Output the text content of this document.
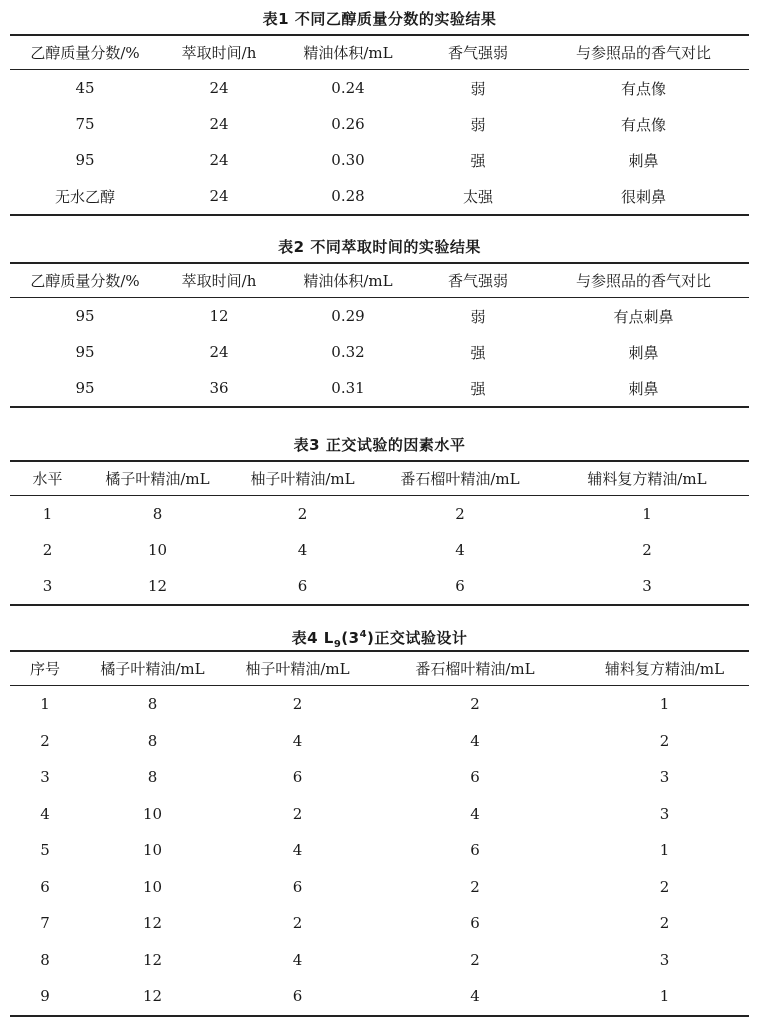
表1 不同乙醇质量分数的实验结果
乙醇质量分数/%	萃取时间/h	精油体积/mL	香气强弱	与参照品的香气对比
45	24	0.24	弱	有点像
75	24	0.26	弱	有点像
95	24	0.30	强	刺鼻
无水乙醇	24	0.28	太强	很刺鼻
表2 不同萃取时间的实验结果
乙醇质量分数/%	萃取时间/h	精油体积/mL	香气强弱	与参照品的香气对比
95	12	0.29	弱	有点刺鼻
95	24	0.32	强	刺鼻
95	36	0.31	强	刺鼻
表3 正交试验的因素水平
水平	橘子叶精油/mL	柚子叶精油/mL	番石榴叶精油/mL	辅料复方精油/mL
1	8	2	2	1
2	10	4	4	2
3	12	6	6	3
表4 $L_9(3^4)$正交试验设计
序号	橘子叶精油/mL	柚子叶精油/mL	番石榴叶精油/mL	辅料复方精油/mL
1	8	2	2	1
2	8	4	4	2
3	8	6	6	3
4	10	2	4	3
5	10	4	6	1
6	10	6	2	2
7	12	2	6	2
8	12	4	2	3
9	12	6	4	1
